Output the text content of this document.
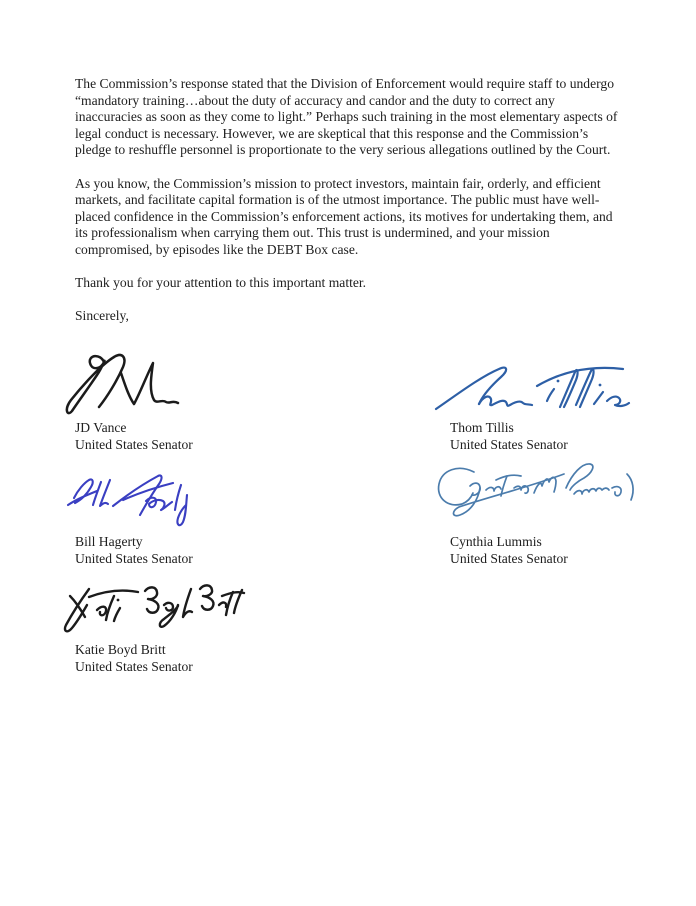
The Commission’s response stated that the Division of Enforcement would require staff to undergo “mandatory training…about the duty of accuracy and candor and the duty to correct any inaccuracies as soon as they come to light.” Perhaps such training in the most elementary aspects of legal conduct is necessary. However, we are skeptical that this response and the Commission’s pledge to reshuffle personnel is proportionate to the very serious allegations outlined by the Court.

As you know, the Commission’s mission to protect investors, maintain fair, orderly, and efficient markets, and facilitate capital formation is of the utmost importance. The public must have well-placed confidence in the Commission’s enforcement actions, its motives for undertaking them, and its professionalism when carrying them out. This trust is undermined, and your mission compromised, by episodes like the DEBT Box case.

Thank you for your attention to this important matter.

Sincerely,

JD Vance
United States Senator
Thom Tillis
United States Senator
Bill Hagerty
United States Senator
Cynthia Lummis
United States Senator
Katie Boyd Britt
United States Senator
